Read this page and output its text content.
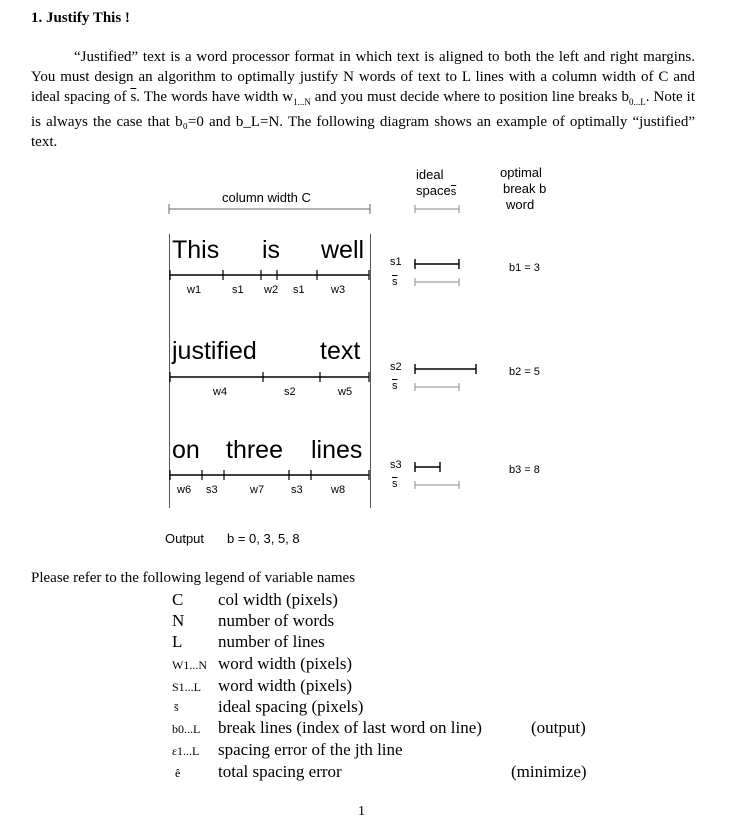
1. Justify This !
“Justified” text is a word processor format in which text is aligned to both the left and right margins. You must design an algorithm to optimally justify N words of text to L lines with a column width of C and ideal spacing of $\overline{s}$. The words have width $w_{1...N}$ and you must decide where to position line breaks $b_{0...L}$. Note it is always the case that b₀=0 and b_L=N. The following diagram shows an example of optimally “justified” text.
column width C
ideal
$space\overline{s}$
optimal
break b
word
This is well
w1	s1 w2 s1 w3
s1
$\overline{s}$
b1 = 3
justified	text
w4	s2	w5
s2
$\overline{s}$
b2 = 5
on three lines
w6 s3	w7 s3	w8
s3
$\overline{s}$
b3 = 8
Output b = 0, 3, 5, 8
Please refer to the following legend of variable names
C col width (pixels)
N number of words
L number of lines
W1...N word width (pixels)
S1...L word width (pixels)
s̄ ideal spacing (pixels)
b0...L break lines (index of last word on line)	(output)
ε1...L spacing error of the jth line
ê total spacing error	(minimize)
1
